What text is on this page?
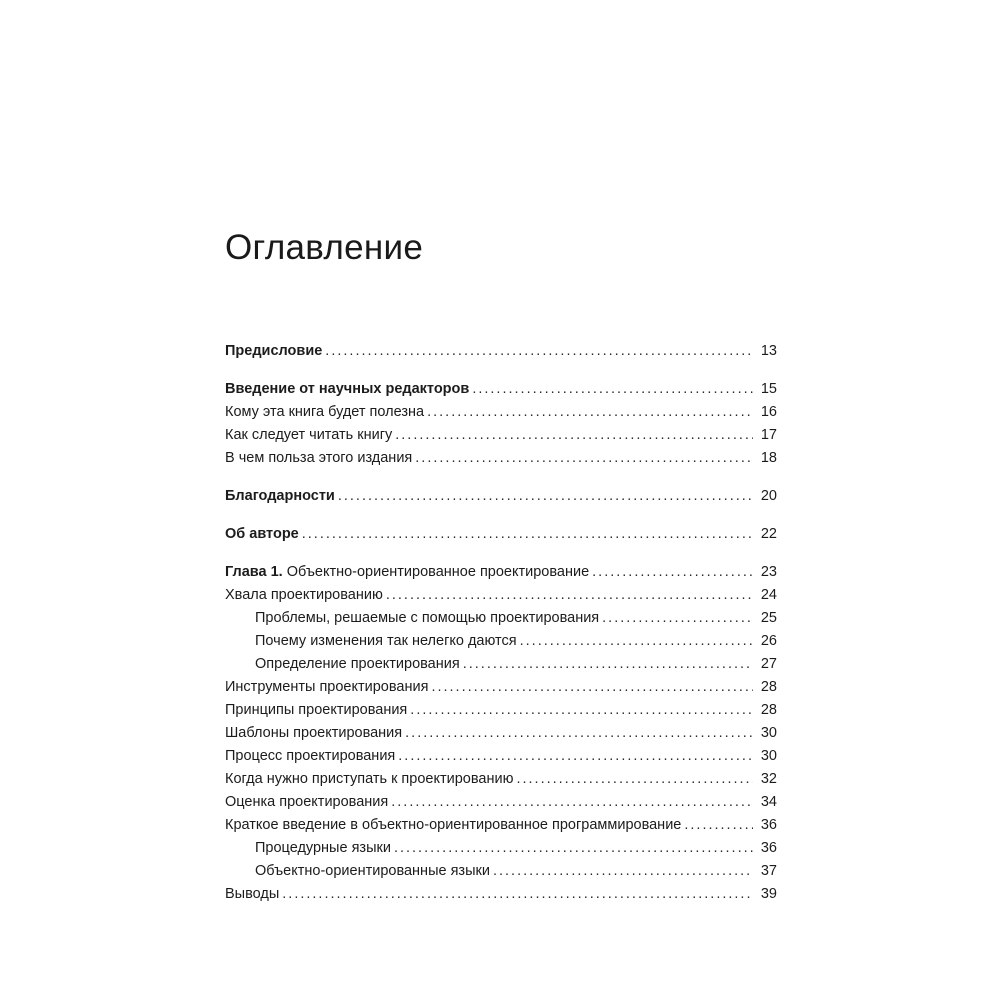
Оглавление
Предисловие .....	13
Введение от научных редакторов .....	15
Кому эта книга будет полезна .....	16
Как следует читать книгу .....	17
В чем польза этого издания .....	18
Благодарности .....	20
Об авторе .....	22
Глава 1. Объектно-ориентированное проектирование .....	23
Хвала проектированию .....	24
Проблемы, решаемые с помощью проектирования .....	25
Почему изменения так нелегко даются .....	26
Определение проектирования .....	27
Инструменты проектирования .....	28
Принципы проектирования .....	28
Шаблоны проектирования .....	30
Процесс проектирования .....	30
Когда нужно приступать к проектированию .....	32
Оценка проектирования .....	34
Краткое введение в объектно-ориентированное программирование .....	36
Процедурные языки .....	36
Объектно-ориентированные языки .....	37
Выводы .....	39
